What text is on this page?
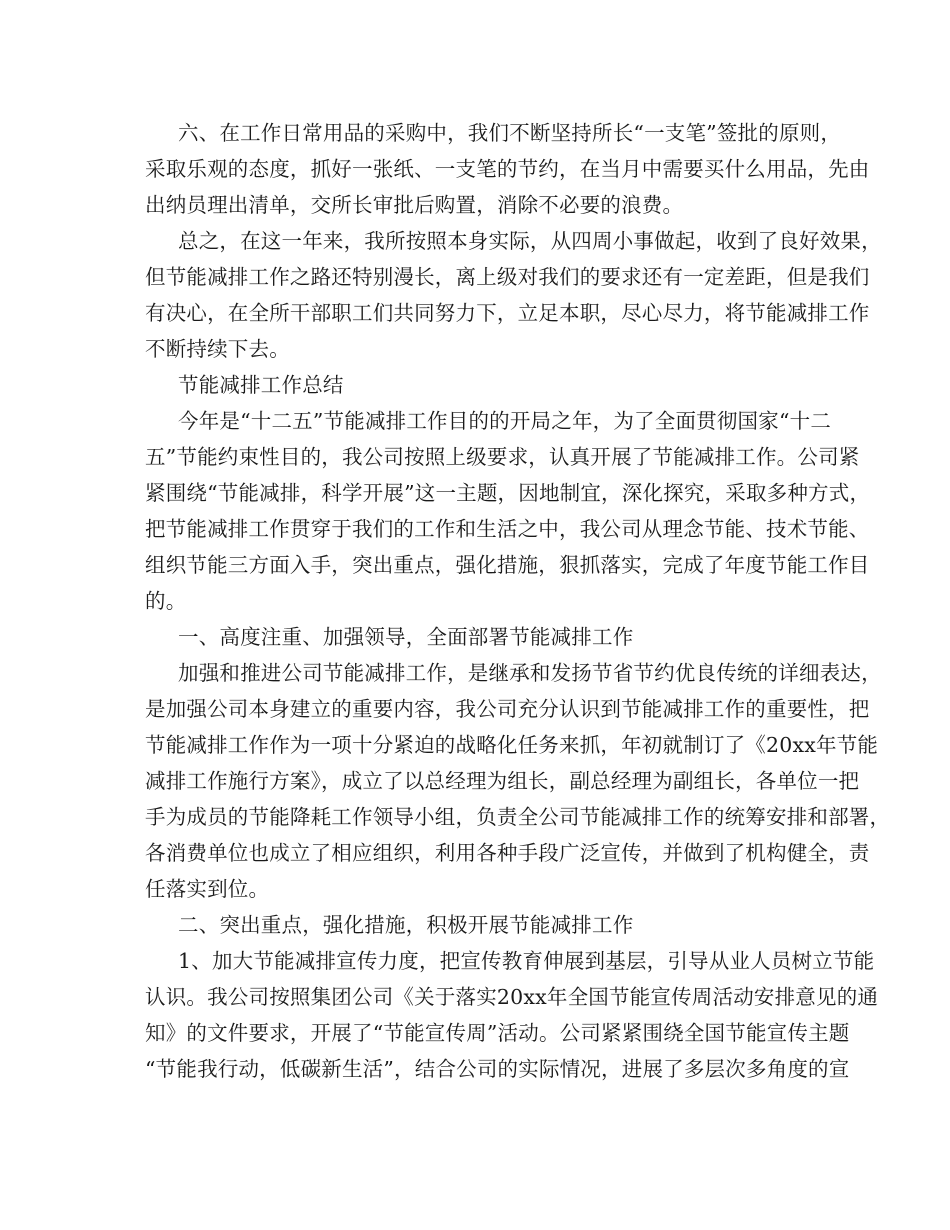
六、在工作日常用品的采购中，我们不断坚持所长“一支笔”签批的原则，

采取乐观的态度，抓好一张纸、一支笔的节约，在当月中需要买什么用品，先由

出纳员理出清单，交所长审批后购置，消除不必要的浪费。

总之，在这一年来，我所按照本身实际，从四周小事做起，收到了良好效果，

但节能减排工作之路还特别漫长，离上级对我们的要求还有一定差距，但是我们

有决心，在全所干部职工们共同努力下，立足本职，尽心尽力，将节能减排工作

不断持续下去。

节能减排工作总结

今年是“十二五”节能减排工作目的的开局之年，为了全面贯彻国家“十二

五”节能约束性目的，我公司按照上级要求，认真开展了节能减排工作。公司紧

紧围绕“节能减排，科学开展”这一主题，因地制宜，深化探究，采取多种方式，

把节能减排工作贯穿于我们的工作和生活之中，我公司从理念节能、技术节能、

组织节能三方面入手，突出重点，强化措施，狠抓落实，完成了年度节能工作目

的。

一、高度注重、加强领导，全面部署节能减排工作

加强和推进公司节能减排工作，是继承和发扬节省节约优良传统的详细表达，

是加强公司本身建立的重要内容，我公司充分认识到节能减排工作的重要性，把

节能减排工作作为一项十分紧迫的战略化任务来抓，年初就制订了《20xx年节能

减排工作施行方案》，成立了以总经理为组长，副总经理为副组长，各单位一把

手为成员的节能降耗工作领导小组，负责全公司节能减排工作的统筹安排和部署，

各消费单位也成立了相应组织，利用各种手段广泛宣传，并做到了机构健全，责

任落实到位。

二、突出重点，强化措施，积极开展节能减排工作

1、加大节能减排宣传力度，把宣传教育伸展到基层，引导从业人员树立节能

认识。我公司按照集团公司《关于落实20xx年全国节能宣传周活动安排意见的通

知》的文件要求，开展了“节能宣传周”活动。公司紧紧围绕全国节能宣传主题

“节能我行动，低碳新生活”，结合公司的实际情况，进展了多层次多角度的宣
